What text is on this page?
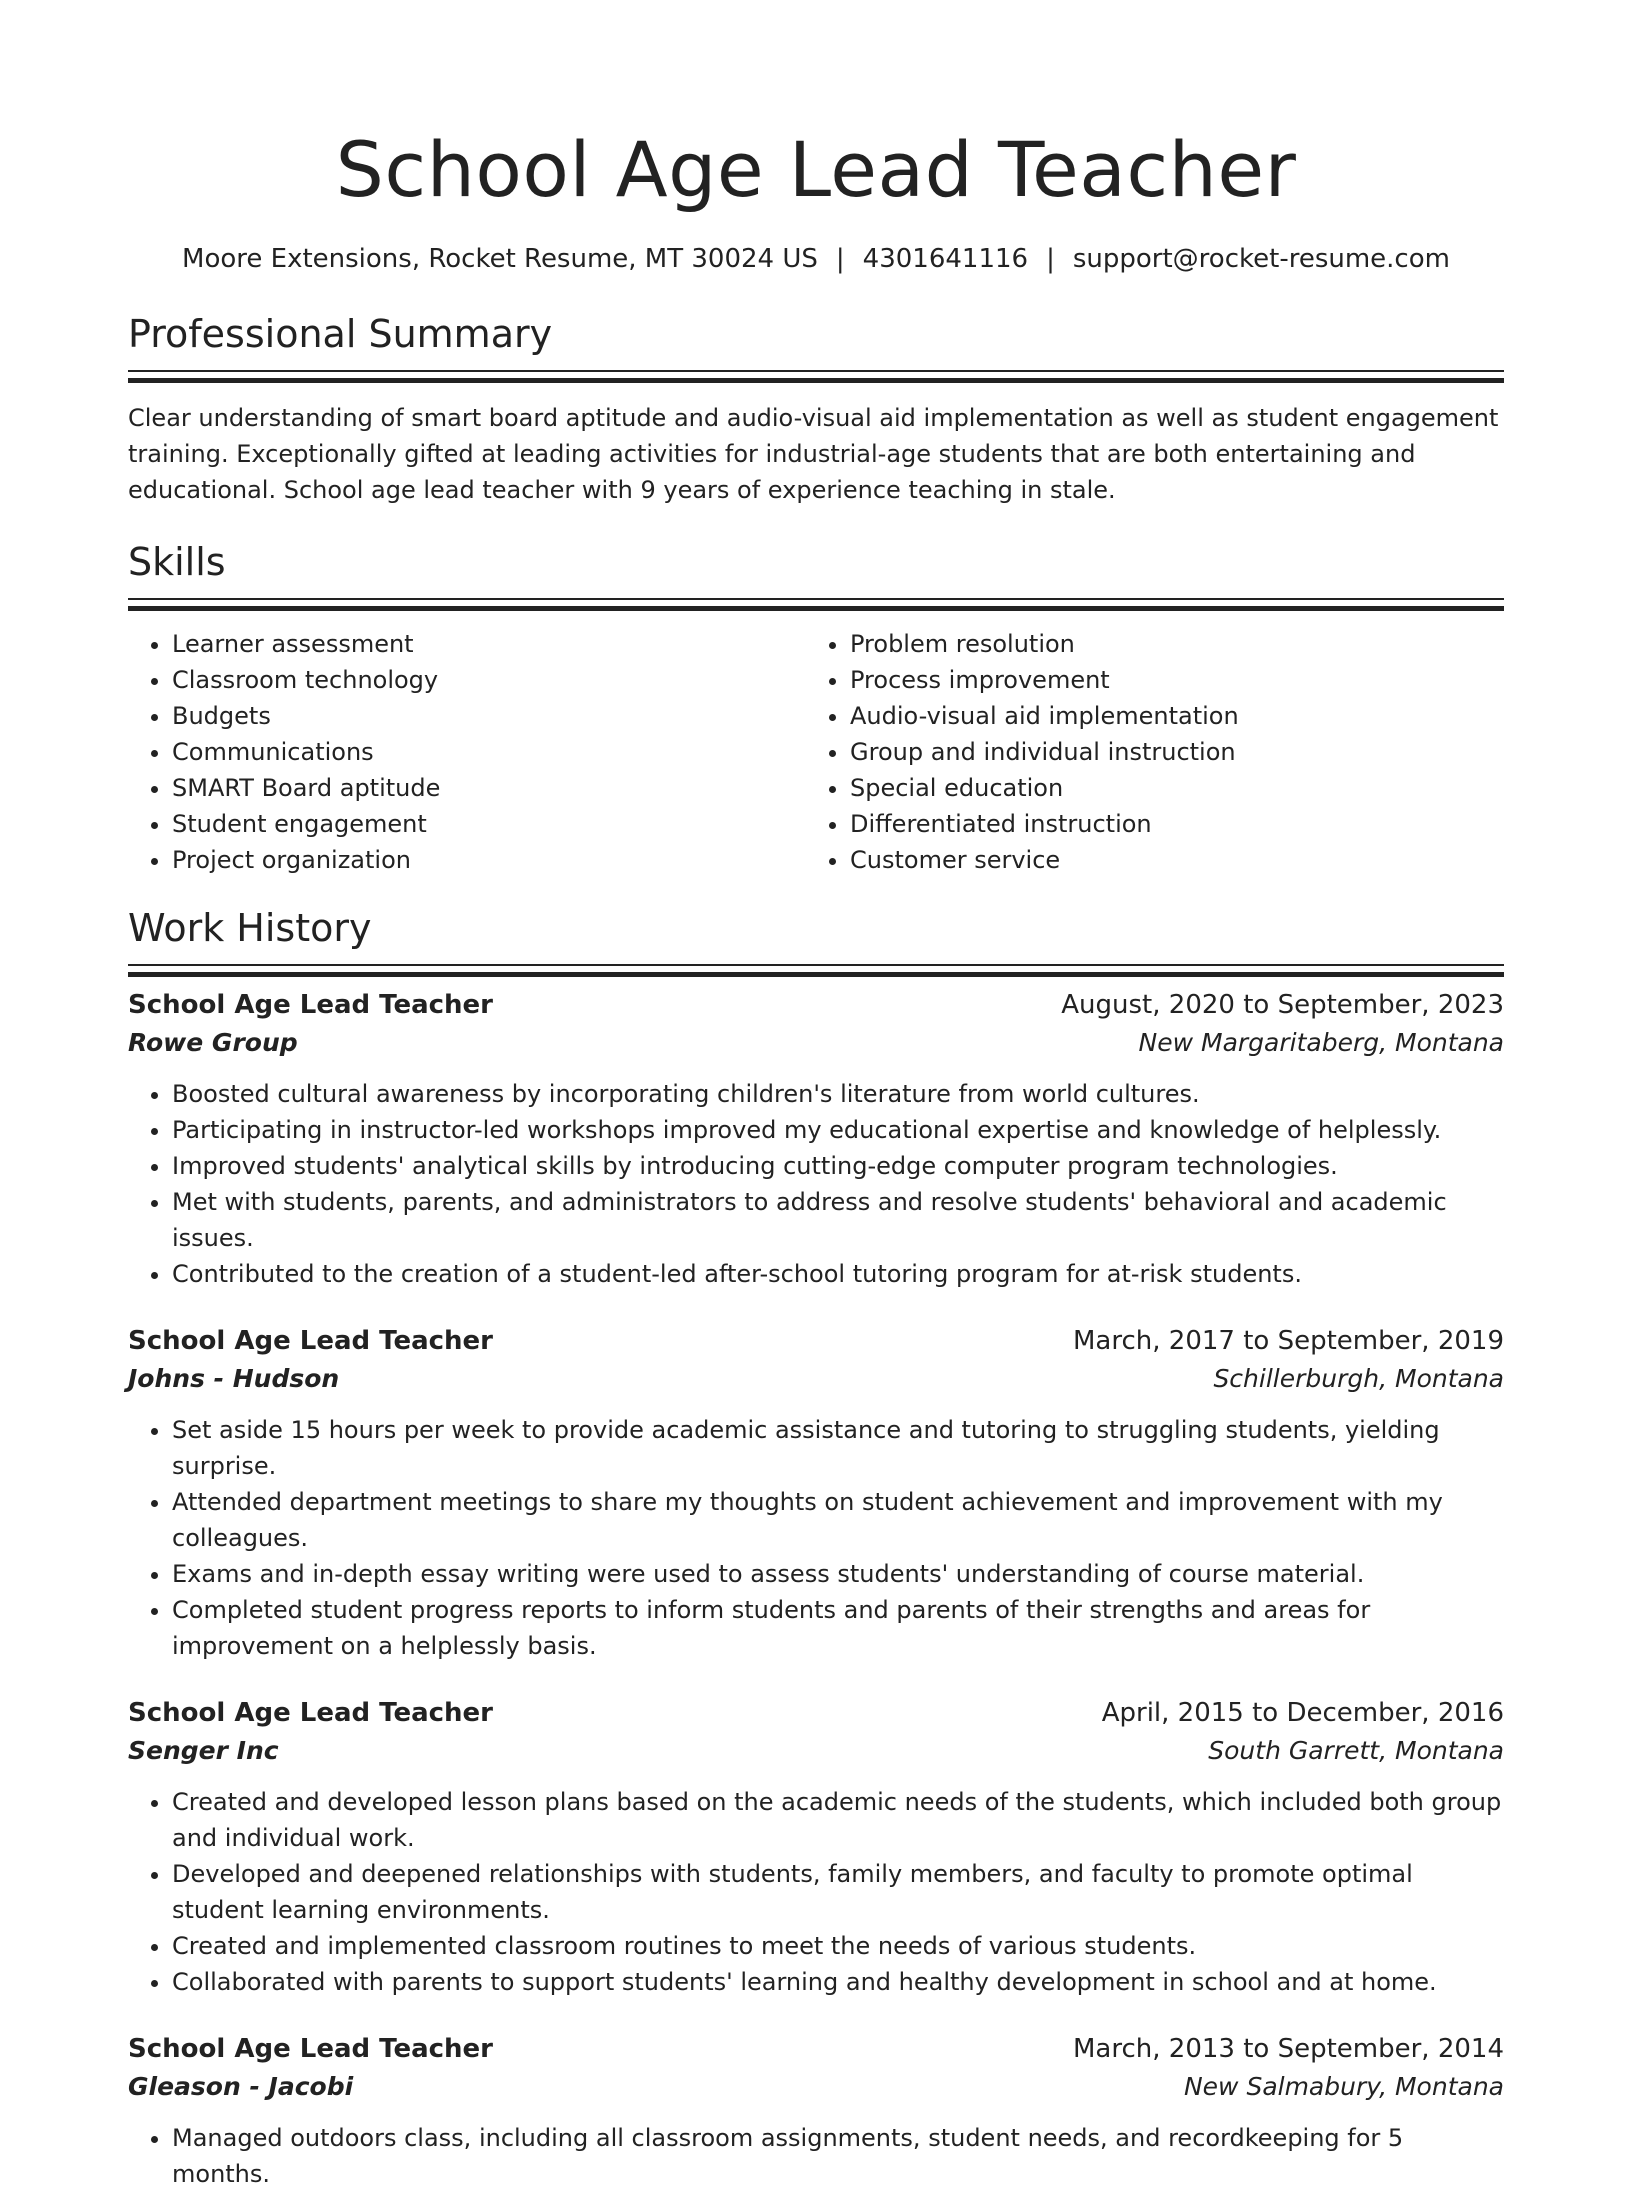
School Age Lead Teacher
Moore Extensions, Rocket Resume, MT 30024 US | 4301641116 | support@rocket-resume.com
Professional Summary
Clear understanding of smart board aptitude and audio-visual aid implementation as well as student engagement training. Exceptionally gifted at leading activities for industrial-age students that are both entertaining and educational. School age lead teacher with 9 years of experience teaching in stale.
Skills
• Learner assessment
• Classroom technology
• Budgets
• Communications
• SMART Board aptitude
• Student engagement
• Project organization
• Problem resolution
• Process improvement
• Audio-visual aid implementation
• Group and individual instruction
• Special education
• Differentiated instruction
• Customer service
Work History
School Age Lead Teacher	August, 2020 to September, 2023
Rowe Group	New Margaritaberg, Montana
• Boosted cultural awareness by incorporating children's literature from world cultures.
• Participating in instructor-led workshops improved my educational expertise and knowledge of helplessly.
• Improved students' analytical skills by introducing cutting-edge computer program technologies.
• Met with students, parents, and administrators to address and resolve students' behavioral and academic issues.
• Contributed to the creation of a student-led after-school tutoring program for at-risk students.
School Age Lead Teacher	March, 2017 to September, 2019
Johns - Hudson	Schillerburgh, Montana
• Set aside 15 hours per week to provide academic assistance and tutoring to struggling students, yielding surprise.
• Attended department meetings to share my thoughts on student achievement and improvement with my colleagues.
• Exams and in-depth essay writing were used to assess students' understanding of course material.
• Completed student progress reports to inform students and parents of their strengths and areas for improvement on a helplessly basis.
School Age Lead Teacher	April, 2015 to December, 2016
Senger Inc	South Garrett, Montana
• Created and developed lesson plans based on the academic needs of the students, which included both group and individual work.
• Developed and deepened relationships with students, family members, and faculty to promote optimal student learning environments.
• Created and implemented classroom routines to meet the needs of various students.
• Collaborated with parents to support students' learning and healthy development in school and at home.
School Age Lead Teacher	March, 2013 to September, 2014
Gleason - Jacobi	New Salmabury, Montana
• Managed outdoors class, including all classroom assignments, student needs, and recordkeeping for 5 months.
